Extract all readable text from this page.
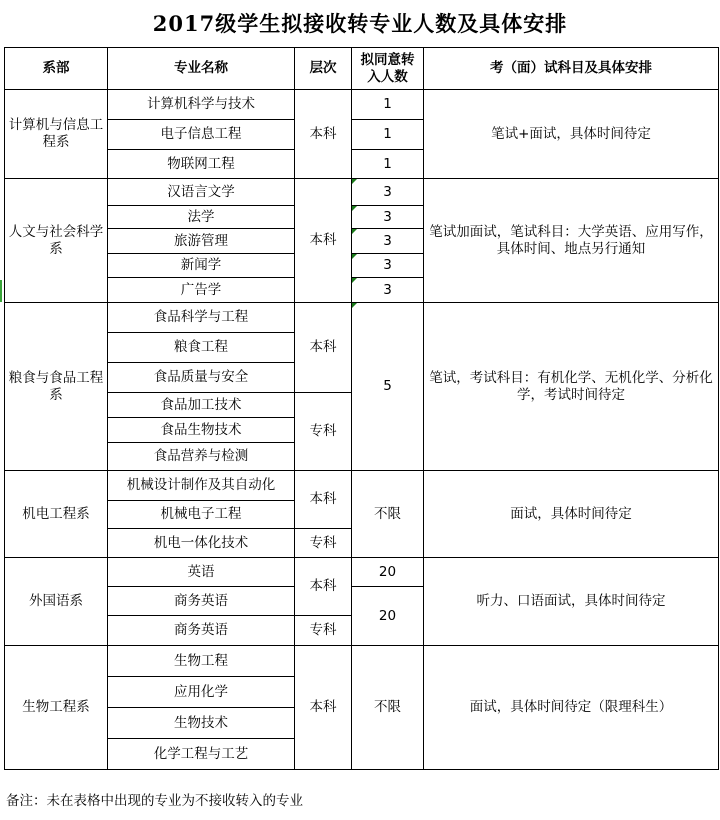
2017级学生拟接收转专业人数及具体安排
系部	专业名称	层次	拟同意转入人数	考（面）试科目及具体安排
计算机与信息工程系	计算机科学与技术	本科	1	笔试+面试，具体时间待定
	电子信息工程		1	
	物联网工程		1	
人文与社会科学系	汉语言文学	本科	3	笔试加面试，笔试科目：大学英语、应用写作，具体时间、地点另行通知
	法学		3	
	旅游管理		3	
	新闻学		3	
	广告学		3	
粮食与食品工程系	食品科学与工程	本科	5	笔试，考试科目：有机化学、无机化学、分析化学，考试时间待定
	粮食工程			
	食品质量与安全			
	食品加工技术	专科		
	食品生物技术			
	食品营养与检测			
机电工程系	机械设计制作及其自动化	本科	不限	面试，具体时间待定
	机械电子工程			
	机电一体化技术	专科		
外国语系	英语	本科	20	听力、口语面试，具体时间待定
	商务英语		20	
	商务英语	专科		
生物工程系	生物工程	本科	不限	面试，具体时间待定（限理科生）
	应用化学			
	生物技术			
	化学工程与工艺			
备注：未在表格中出现的专业为不接收转入的专业
